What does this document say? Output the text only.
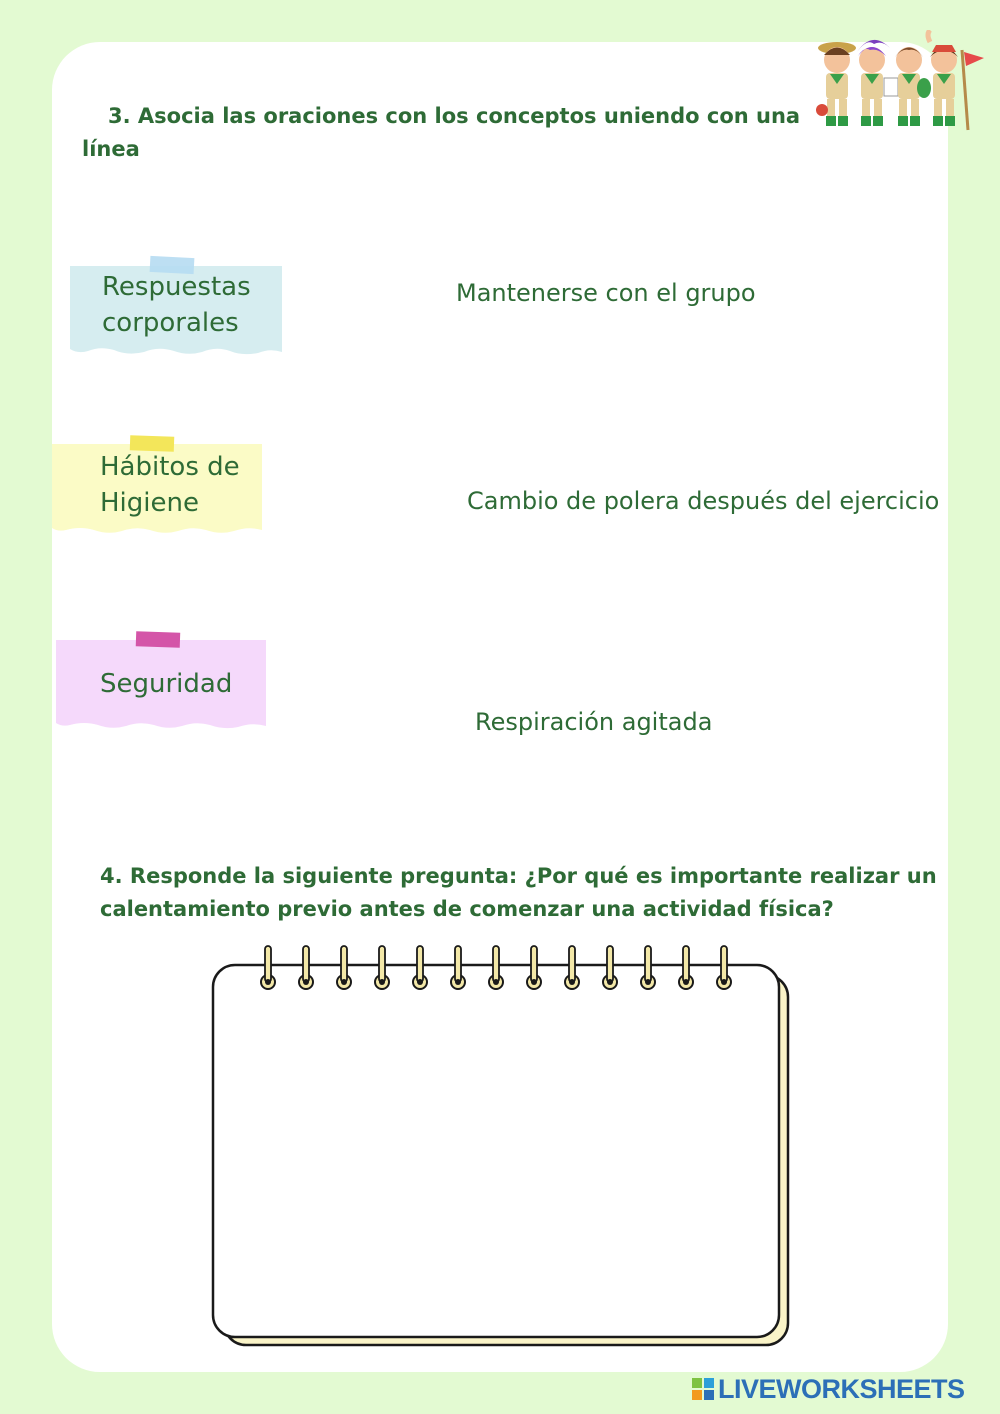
3. Asocia las oraciones con los conceptos uniendo con una línea
Respuestas corporales
Hábitos de Higiene
Seguridad
Mantenerse con el grupo
Cambio de polera después del ejercicio
Respiración agitada
4. Responde la siguiente pregunta: ¿Por qué es importante realizar un calentamiento previo antes de comenzar una actividad física?
LIVEWORKSHEETS
